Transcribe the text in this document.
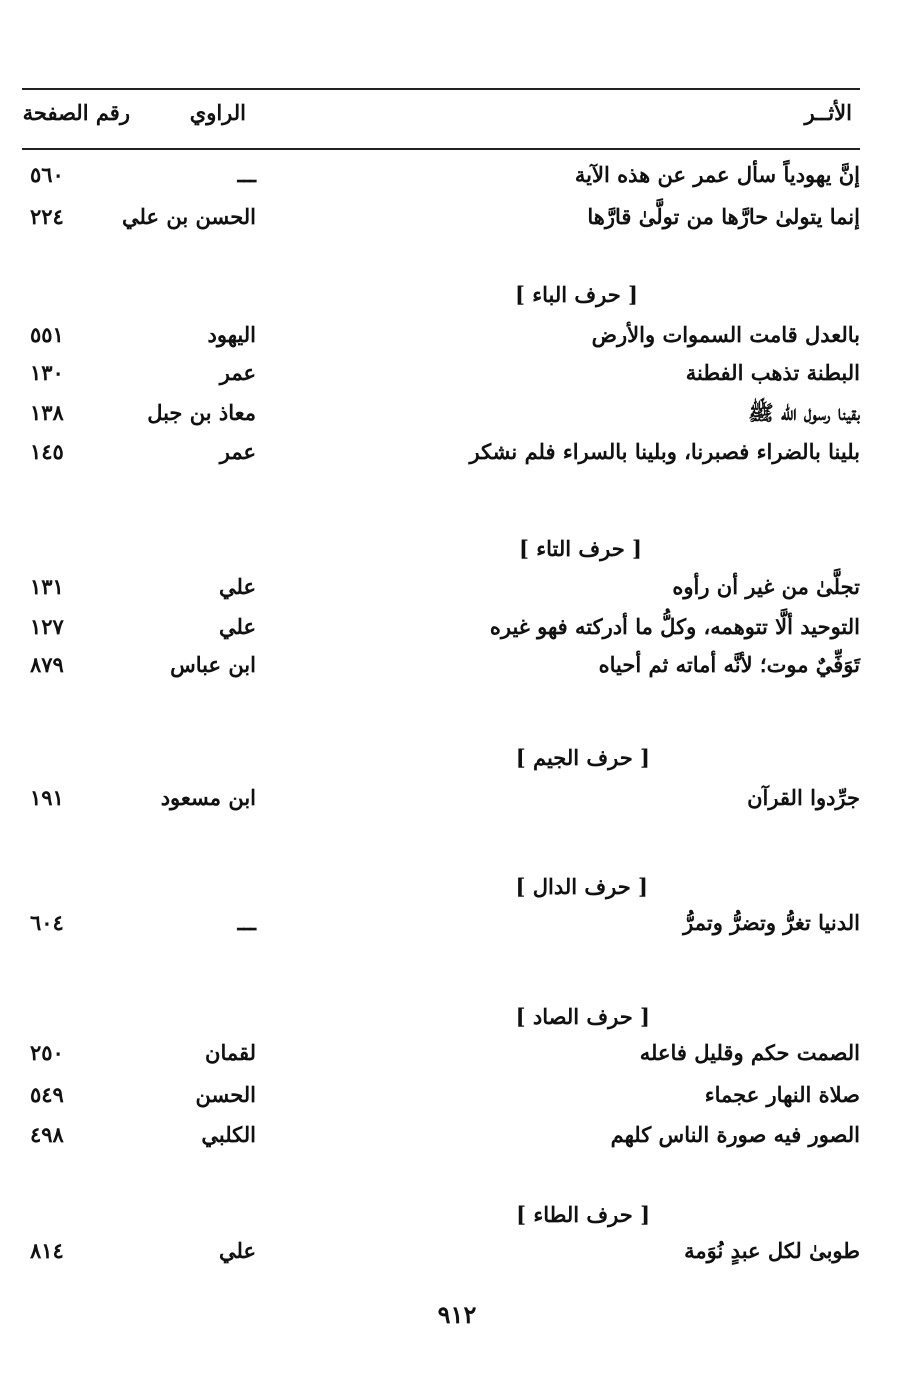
الأثــر
الراوي
رقم الصفحة
إنَّ يهودياً سأل عمر عن هذه الآية
ـــ
٥٦٠
إنما يتولىٰ حارَّها من تولَّىٰ قارَّها
الحسن بن علي
٢٢٤
[ حرف الباء ]
بالعدل قامت السموات والأرض
اليهود
٥٥١
البطنة تذهب الفطنة
عمر
١٣٠
بقينا رسول الله ﷺ
معاذ بن جبل
١٣٨
بلينا بالضراء فصبرنا، وبلينا بالسراء فلم نشكر
عمر
١٤٥
[ حرف التاء ]
تجلَّىٰ من غير أن رأوه
علي
١٣١
التوحيد ألَّا تتوهمه، وكلُّ ما أدركته فهو غيره
علي
١٢٧
تَوَفِّيٌ موت؛ لأنَّه أماته ثم أحياه
ابن عباس
٨٧٩
[ حرف الجيم ]
جرِّدوا القرآن
ابن مسعود
١٩١
[ حرف الدال ]
الدنيا تغرُّ وتضرُّ وتمرُّ
ـــ
٦٠٤
[ حرف الصاد ]
الصمت حكم وقليل فاعله
لقمان
٢٥٠
صلاة النهار عجماء
الحسن
٥٤٩
الصور فيه صورة الناس كلهم
الكلبي
٤٩٨
[ حرف الطاء ]
طوبىٰ لكل عبدٍ نُوَمة
علي
٨١٤
٩١٢
